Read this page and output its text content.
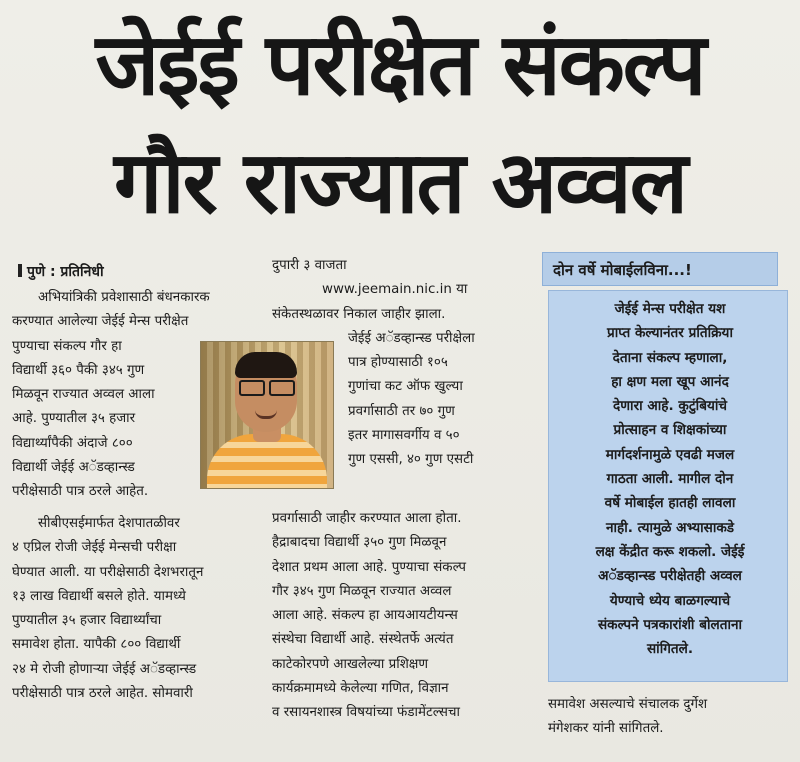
जेईई परीक्षेत संकल्प
गौर राज्यात अव्वल
पुणे : प्रतिनिधी
अभियांत्रिकी प्रवेशासाठी बंधनकारक
करण्यात आलेल्या जेईई मेन्स परीक्षेत
पुण्याचा संकल्प गौर हा
विद्यार्थी ३६० पैकी ३४५ गुण
मिळवून राज्यात अव्वल आला
आहे. पुण्यातील ३५ हजार
विद्यार्थ्यांपैकी अंदाजे ८००
विद्यार्थी जेईई अॅडव्हान्स्ड
परीक्षेसाठी पात्र ठरले आहेत.
सीबीएसईमार्फत देशपातळीवर
४ एप्रिल रोजी जेईई मेन्सची परीक्षा
घेण्यात आली. या परीक्षेसाठी देशभरातून
१३ लाख विद्यार्थी बसले होते. यामध्ये
पुण्यातील ३५ हजार विद्यार्थ्यांचा
समावेश होता. यापैकी ८०० विद्यार्थी
२४ मे रोजी होणाऱ्या जेईई अॅडव्हान्स्ड
परीक्षेसाठी पात्र ठरले आहेत. सोमवारी
दुपारी ३ वाजता
www.jeemain.nic.in या
संकेतस्थळावर निकाल जाहीर झाला.
जेईई अॅडव्हान्स्ड परीक्षेला
पात्र होण्यासाठी १०५
गुणांचा कट ऑफ खुल्या
प्रवर्गासाठी तर ७० गुण
इतर मागासवर्गीय व ५०
गुण एससी, ४० गुण एसटी
प्रवर्गासाठी जाहीर करण्यात आला होता.
हैद्राबादचा विद्यार्थी ३५० गुण मिळवून
देशात प्रथम आला आहे. पुण्याचा संकल्प
गौर ३४५ गुण मिळवून राज्यात अव्वल
आला आहे. संकल्प हा आयआयटीयन्स
संस्थेचा विद्यार्थी आहे. संस्थेतर्फे अत्यंत
काटेकोरपणे आखलेल्या प्रशिक्षण
कार्यक्रमामध्ये केलेल्या गणित, विज्ञान
व रसायनशास्त्र विषयांच्या फंडामेंटल्सचा
दोन वर्षे मोबाईलविना...!
जेईई मेन्स परीक्षेत यश
प्राप्त केल्यानंतर प्रतिक्रिया
देताना संकल्प म्हणाला,
हा क्षण मला खूप आनंद
देणारा आहे. कुटुंबियांचे
प्रोत्साहन व शिक्षकांच्या
मार्गदर्शनामुळे एवढी मजल
गाठता आली. मागील दोन
वर्षे मोबाईल हातही लावला
नाही. त्यामुळे अभ्यासाकडे
लक्ष केंद्रीत करू शकलो. जेईई
अॅडव्हान्स्ड परीक्षेतही अव्वल
येण्याचे ध्येय बाळगल्याचे
संकल्पने पत्रकारांशी बोलताना
सांगितले.
समावेश असल्याचे संचालक दुर्गेश
मंगेशकर यांनी सांगितले.
